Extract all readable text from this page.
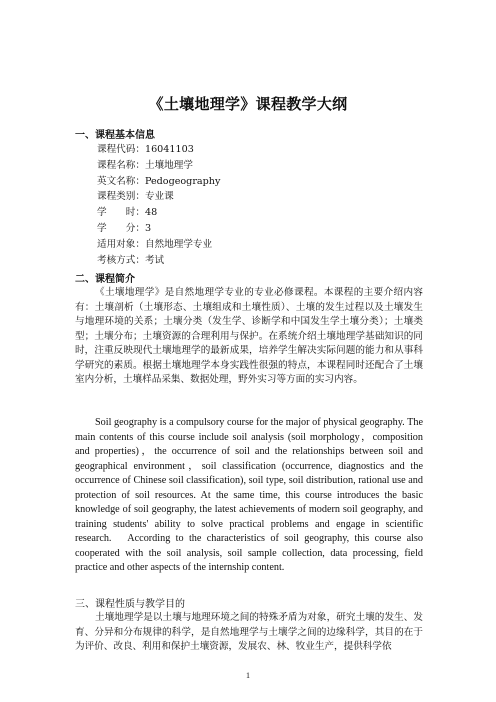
《土壤地理学》课程教学大纲
一、课程基本信息
课程代码：16041103
课程名称：土壤地理学
英文名称：Pedogeography
课程类别：专业课
学　　时：48
学　　分：3
适用对象：自然地理学专业
考核方式：考试
二、课程简介
《土壤地理学》是自然地理学专业的专业必修课程。本课程的主要介绍内容有：土壤剖析（土壤形态、土壤组成和土壤性质）、土壤的发生过程以及土壤发生与地理环境的关系；土壤分类（发生学、诊断学和中国发生学土壤分类）；土壤类型；土壤分布；土壤资源的合理利用与保护。在系统介绍土壤地理学基础知识的同时，注重反映现代土壤地理学的最新成果，培养学生解决实际问题的能力和从事科学研究的素质。根据土壤地理学本身实践性很强的特点，本课程同时还配合了土壤室内分析，土壤样品采集、数据处理，野外实习等方面的实习内容。
Soil geography is a compulsory course for the major of physical geography. The main contents of this course include soil analysis (soil morphology，composition and properties)，the occurrence of soil and the relationships between soil and geographical environment，soil classification (occurrence, diagnostics and the occurrence of Chinese soil classification), soil type, soil distribution, rational use and protection of soil resources. At the same time, this course introduces the basic knowledge of soil geography, the latest achievements of modern soil geography, and training students' ability to solve practical problems and engage in scientific research.　According to the characteristics of soil geography, this course also cooperated with the soil analysis, soil sample collection, data processing, field practice and other aspects of the internship content.
三、课程性质与教学目的
土壤地理学是以土壤与地理环境之间的特殊矛盾为对象，研究土壤的发生、发育、分异和分布规律的科学，是自然地理学与土壤学之间的边缘科学，其目的在于为评价、改良、利用和保护土壤资源，发展农、林、牧业生产，提供科学依
1
